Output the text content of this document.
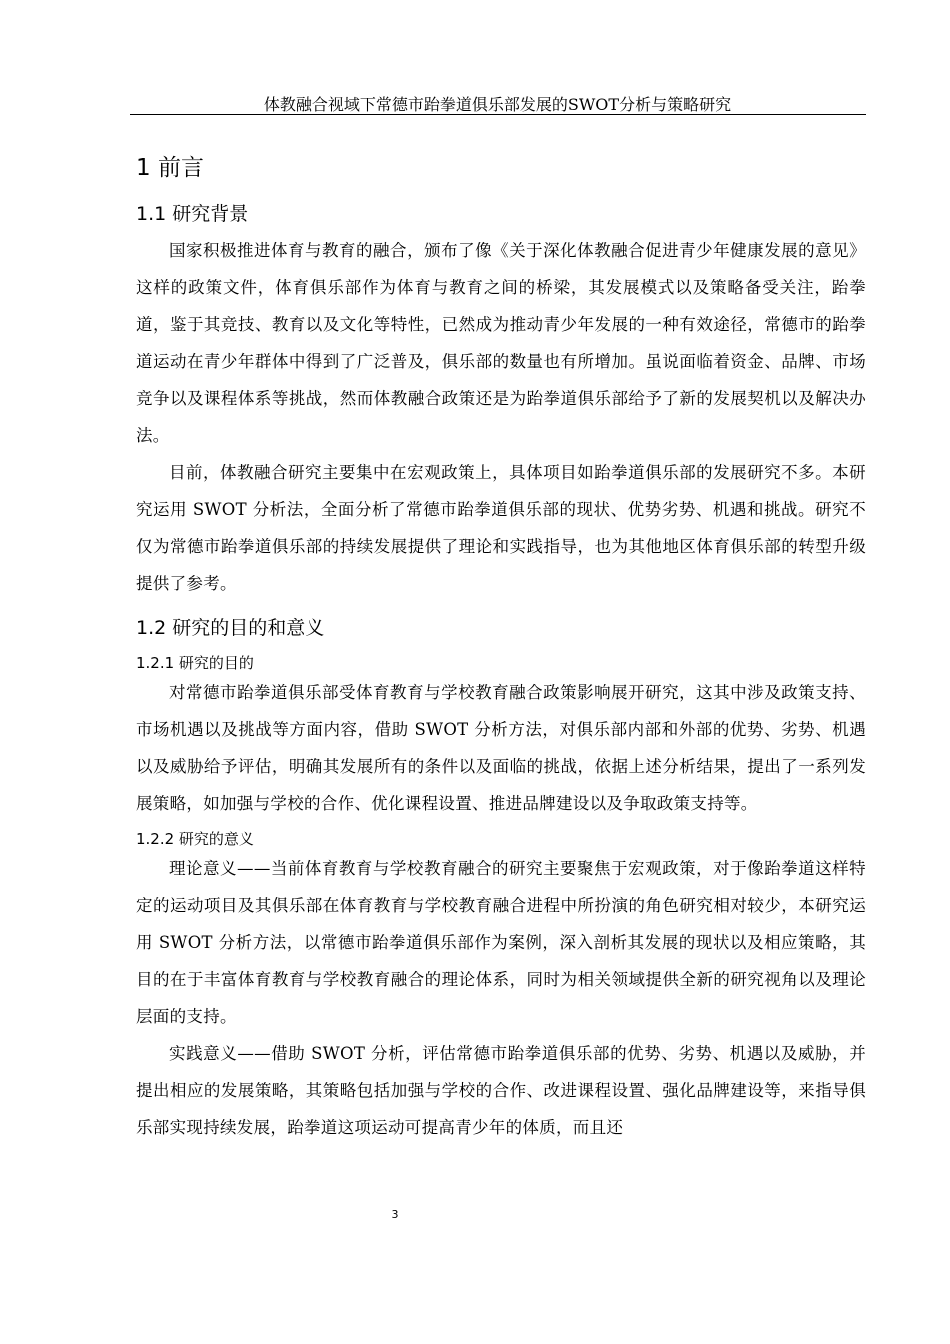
体教融合视域下常德市跆拳道俱乐部发展的SWOT分析与策略研究
1 前言
1.1 研究背景

国家积极推进体育与教育的融合，颁布了像《关于深化体教融合促进青少年健康发展的意见》这样的政策文件，体育俱乐部作为体育与教育之间的桥梁，其发展模式以及策略备受关注，跆拳道，鉴于其竞技、教育以及文化等特性，已然成为推动青少年发展的一种有效途径，常德市的跆拳道运动在青少年群体中得到了广泛普及，俱乐部的数量也有所增加。虽说面临着资金、品牌、市场竞争以及课程体系等挑战，然而体教融合政策还是为跆拳道俱乐部给予了新的发展契机以及解决办法。

目前，体教融合研究主要集中在宏观政策上，具体项目如跆拳道俱乐部的发展研究不多。本研究运用 SWOT 分析法，全面分析了常德市跆拳道俱乐部的现状、优势劣势、机遇和挑战。研究不仅为常德市跆拳道俱乐部的持续发展提供了理论和实践指导，也为其他地区体育俱乐部的转型升级提供了参考。

1.2 研究的目的和意义
1.2.1 研究的目的

对常德市跆拳道俱乐部受体育教育与学校教育融合政策影响展开研究，这其中涉及政策支持、市场机遇以及挑战等方面内容，借助 SWOT 分析方法，对俱乐部内部和外部的优势、劣势、机遇以及威胁给予评估，明确其发展所有的条件以及面临的挑战，依据上述分析结果，提出了一系列发展策略，如加强与学校的合作、优化课程设置、推进品牌建设以及争取政策支持等。

1.2.2 研究的意义

理论意义——当前体育教育与学校教育融合的研究主要聚焦于宏观政策，对于像跆拳道这样特定的运动项目及其俱乐部在体育教育与学校教育融合进程中所扮演的角色研究相对较少，本研究运用 SWOT 分析方法，以常德市跆拳道俱乐部作为案例，深入剖析其发展的现状以及相应策略，其目的在于丰富体育教育与学校教育融合的理论体系，同时为相关领域提供全新的研究视角以及理论层面的支持。

实践意义——借助 SWOT 分析，评估常德市跆拳道俱乐部的优势、劣势、机遇以及威胁，并提出相应的发展策略，其策略包括加强与学校的合作、改进课程设置、强化品牌建设等，来指导俱乐部实现持续发展，跆拳道这项运动可提高青少年的体质，而且还

3
